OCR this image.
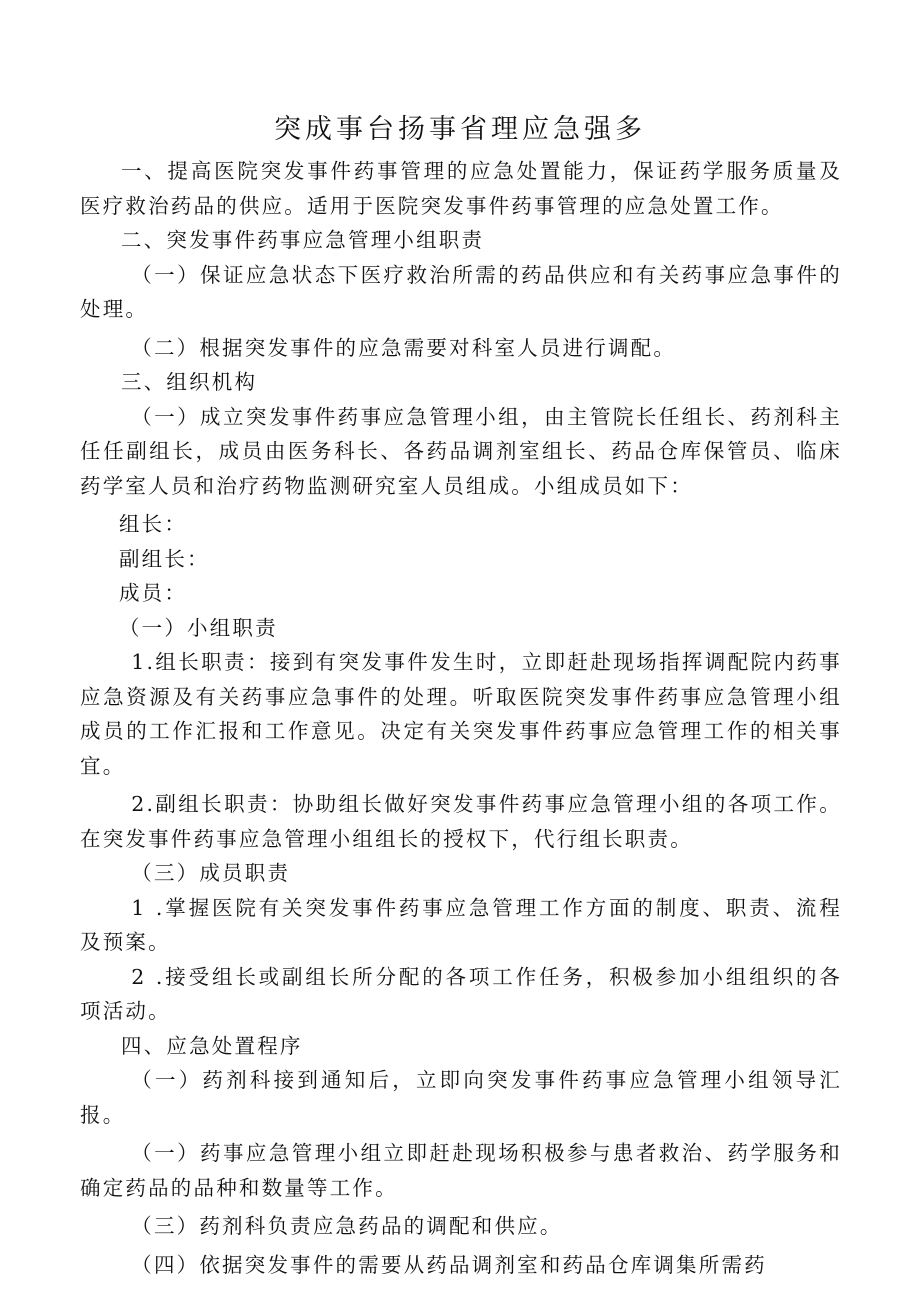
突成事台扬事省理应急强多

一、提高医院突发事件药事管理的应急处置能力，保证药学服务质量及医疗救治药品的供应。适用于医院突发事件药事管理的应急处置工作。

二、突发事件药事应急管理小组职责

（一）保证应急状态下医疗救治所需的药品供应和有关药事应急事件的处理。

（二）根据突发事件的应急需要对科室人员进行调配。

三、组织机构

（一）成立突发事件药事应急管理小组，由主管院长任组长、药剂科主任任副组长，成员由医务科长、各药品调剂室组长、药品仓库保管员、临床药学室人员和治疗药物监测研究室人员组成。小组成员如下：

组长：

副组长：

成员：

（一）小组职责

1.组长职责：接到有突发事件发生时，立即赶赴现场指挥调配院内药事应急资源及有关药事应急事件的处理。听取医院突发事件药事应急管理小组成员的工作汇报和工作意见。决定有关突发事件药事应急管理工作的相关事宜。

2.副组长职责：协助组长做好突发事件药事应急管理小组的各项工作。在突发事件药事应急管理小组组长的授权下，代行组长职责。

（三）成员职责

1 .掌握医院有关突发事件药事应急管理工作方面的制度、职责、流程及预案。

2 .接受组长或副组长所分配的各项工作任务，积极参加小组组织的各项活动。

四、应急处置程序

（一）药剂科接到通知后，立即向突发事件药事应急管理小组领导汇报。

（一）药事应急管理小组立即赶赴现场积极参与患者救治、药学服务和确定药品的品种和数量等工作。

（三）药剂科负责应急药品的调配和供应。

（四）依据突发事件的需要从药品调剂室和药品仓库调集所需药
